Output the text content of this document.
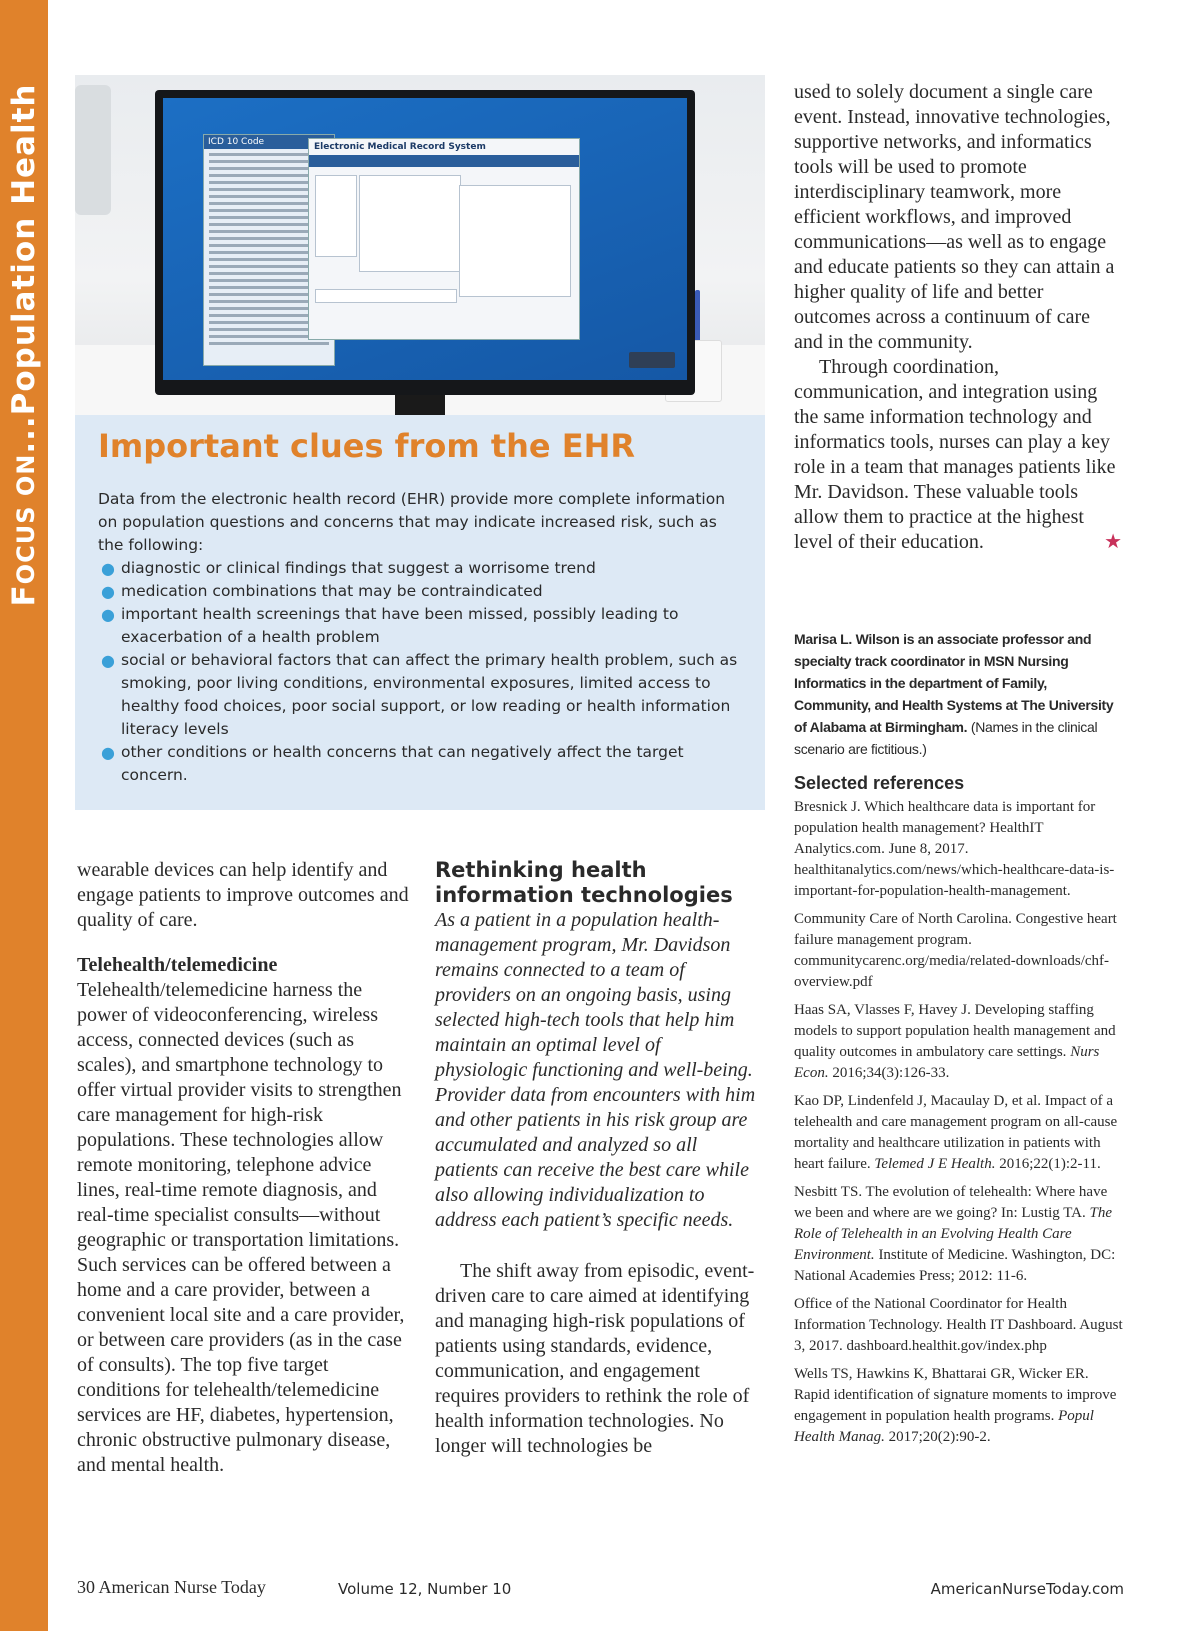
FOCUS ON...Population Health	ICD 10 Code	Electronic Medical Record System
Important clues from the EHR

Data from the electronic health record (EHR) provide more complete information on population questions and concerns that may indicate increased risk, such as the following:

● diagnostic or clinical findings that suggest a worrisome trend
● medication combinations that may be contraindicated
● important health screenings that have been missed, possibly leading to exacerbation of a health problem
● social or behavioral factors that can affect the primary health problem, such as smoking, poor living conditions, environmental exposures, limited access to healthy food choices, poor social support, or low reading or health information literacy levels
● other conditions or health concerns that can negatively affect the target concern.

wearable devices can help identify and engage patients to improve outcomes and quality of care.

Telehealth/telemedicine

Telehealth/telemedicine harness the power of videoconferencing, wireless access, connected devices (such as scales), and smartphone technology to offer virtual provider visits to strengthen care management for high-risk populations. These technologies allow remote monitoring, telephone advice lines, real-time remote diagnosis, and real-time specialist consults—without geographic or transportation limitations. Such services can be offered between a home and a care provider, between a convenient local site and a care provider, or between care providers (as in the case of consults). The top five target conditions for telehealth/telemedicine services are HF, diabetes, hypertension, chronic obstructive pulmonary disease, and mental health.

Rethinking health information technologies

As a patient in a population health-management program, Mr. Davidson remains connected to a team of providers on an ongoing basis, using selected high-tech tools that help him maintain an optimal level of physiologic functioning and well-being. Provider data from encounters with him and other patients in his risk group are accumulated and analyzed so all patients can receive the best care while also allowing individualization to address each patient’s specific needs.

The shift away from episodic, event-driven care to care aimed at identifying and managing high-risk populations of patients using standards, evidence, communication, and engagement requires providers to rethink the role of health information technologies. No longer will technologies be

used to solely document a single care event. Instead, innovative technologies, supportive networks, and informatics tools will be used to promote interdisciplinary teamwork, more efficient workflows, and improved communications—as well as to engage and educate patients so they can attain a higher quality of life and better outcomes across a continuum of care and in the community.

Through coordination, communication, and integration using the same information technology and informatics tools, nurses can play a key role in a team that manages patients like Mr. Davidson. These valuable tools allow them to practice at the highest level of their education.	★

Marisa L. Wilson is an associate professor and specialty track coordinator in MSN Nursing Informatics in the department of Family, Community, and Health Systems at The University of Alabama at Birmingham. (Names in the clinical scenario are fictitious.)
Selected references

Bresnick J. Which healthcare data is important for population health management? HealthIT Analytics.com. June 8, 2017. healthitanalytics.com/news/which-healthcare-data-is-important-for-population-health-management.

Community Care of North Carolina. Congestive heart failure management program. communitycarenc.org/media/related-downloads/chf-overview.pdf

Haas SA, Vlasses F, Havey J. Developing staffing models to support population health management and quality outcomes in ambulatory care settings. Nurs Econ. 2016;34(3):126-33.

Kao DP, Lindenfeld J, Macaulay D, et al. Impact of a telehealth and care management program on all-cause mortality and healthcare utilization in patients with heart failure. Telemed J E Health. 2016;22(1):2-11.

Nesbitt TS. The evolution of telehealth: Where have we been and where are we going? In: Lustig TA. The Role of Telehealth in an Evolving Health Care Environment. Institute of Medicine. Washington, DC: National Academies Press; 2012: 11-6.

Office of the National Coordinator for Health Information Technology. Health IT Dashboard. August 3, 2017. dashboard.healthit.gov/index.php

Wells TS, Hawkins K, Bhattarai GR, Wicker ER. Rapid identification of signature moments to improve engagement in population health programs. Popul Health Manag. 2017;20(2):90-2.

30 American Nurse Today	Volume 12, Number 10	AmericanNurseToday.com
